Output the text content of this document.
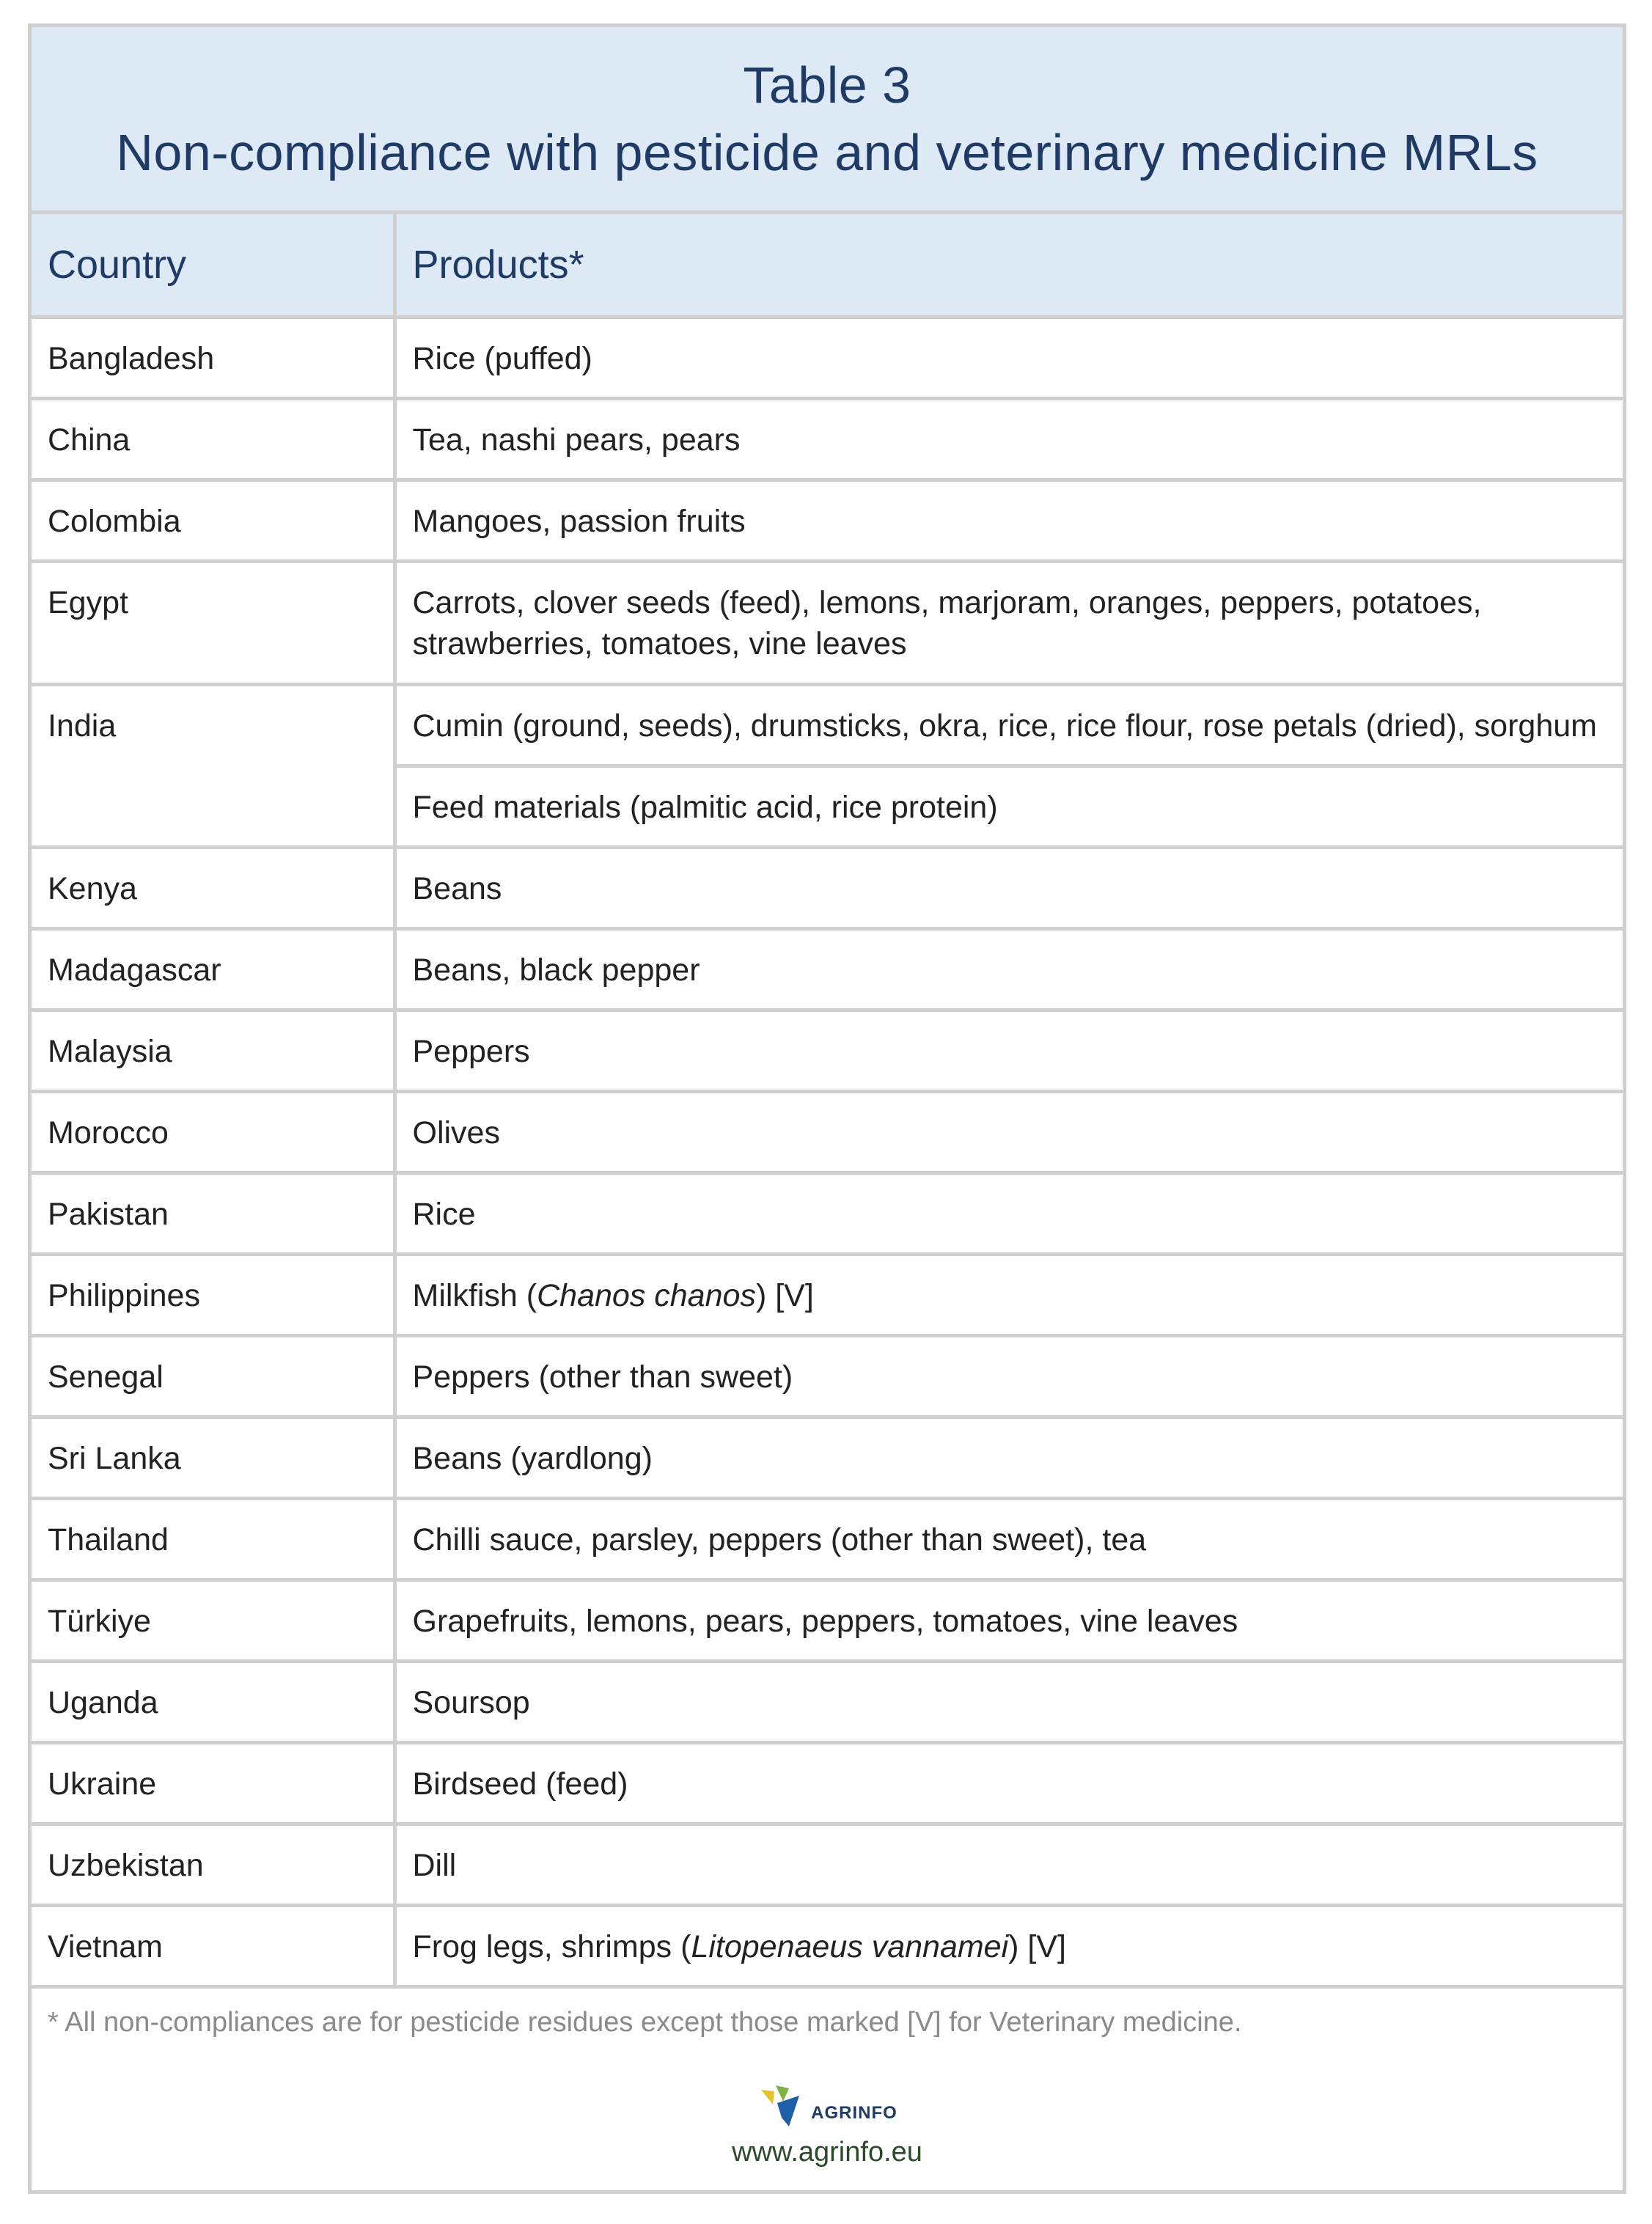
Table 3
Non-compliance with pesticide and veterinary medicine MRLs
Country	Products*
Bangladesh	Rice (puffed)
China	Tea, nashi pears, pears
Colombia	Mangoes, passion fruits
Egypt	Carrots, clover seeds (feed), lemons, marjoram, oranges, peppers, potatoes, strawberries, tomatoes, vine leaves
India	Cumin (ground, seeds), drumsticks, okra, rice, rice flour, rose petals (dried), sorghum
	Feed materials (palmitic acid, rice protein)
Kenya	Beans
Madagascar	Beans, black pepper
Malaysia	Peppers
Morocco	Olives
Pakistan	Rice
Philippines	Milkfish (Chanos chanos) [V]
Senegal	Peppers (other than sweet)
Sri Lanka	Beans (yardlong)
Thailand	Chilli sauce, parsley, peppers (other than sweet), tea
Türkiye	Grapefruits, lemons, pears, peppers, tomatoes, vine leaves
Uganda	Soursop
Ukraine	Birdseed (feed)
Uzbekistan	Dill
Vietnam	Frog legs, shrimps (Litopenaeus vannamei) [V]
* All non-compliances are for pesticide residues except those marked [V] for Veterinary medicine.
AGRINFO
www.agrinfo.eu
